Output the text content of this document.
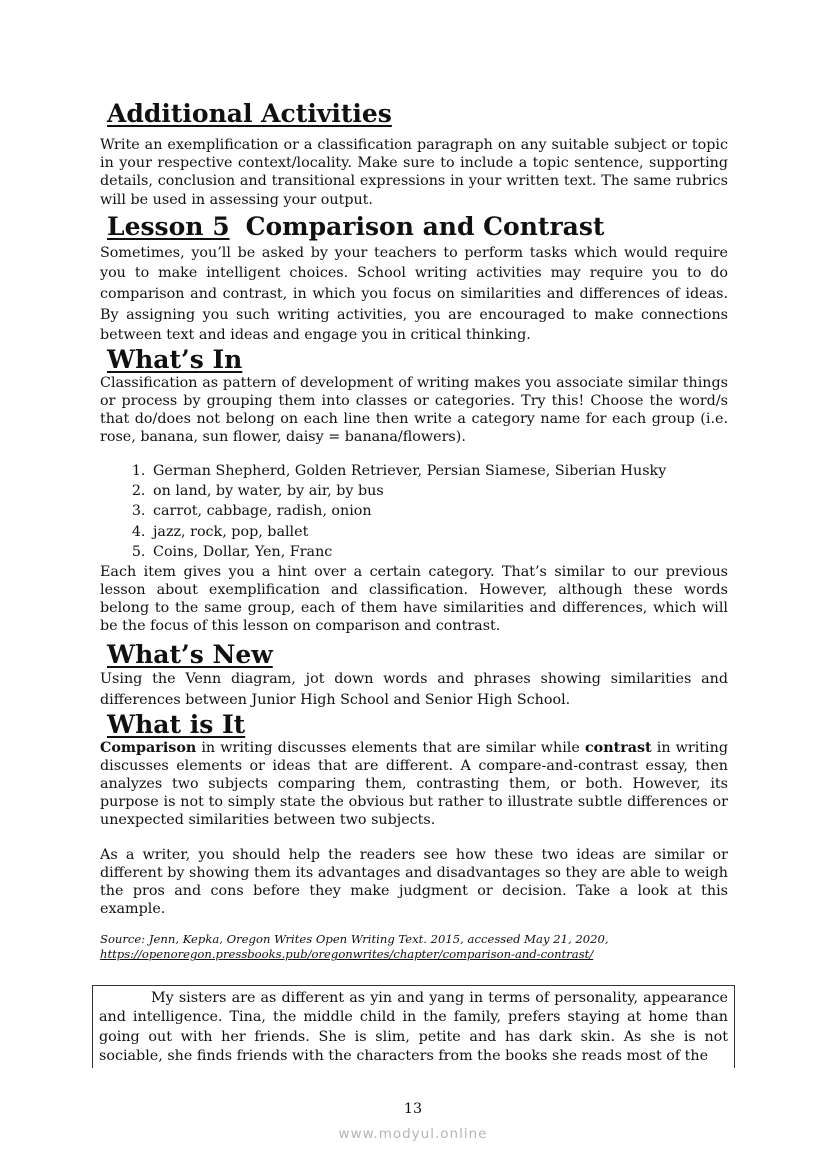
Additional Activities

Write an exemplification or a classification paragraph on any suitable subject or topic in your respective context/locality. Make sure to include a topic sentence, supporting details, conclusion and transitional expressions in your written text. The same rubrics will be used in assessing your output.

Lesson 5 Comparison and Contrast

Sometimes, you’ll be asked by your teachers to perform tasks which would require you to make intelligent choices. School writing activities may require you to do comparison and contrast, in which you focus on similarities and differences of ideas. By assigning you such writing activities, you are encouraged to make connections between text and ideas and engage you in critical thinking.

What’s In

Classification as pattern of development of writing makes you associate similar things or process by grouping them into classes or categories. Try this! Choose the word/s that do/does not belong on each line then write a category name for each group (i.e. rose, banana, sun flower, daisy = banana/flowers).

1. German Shepherd, Golden Retriever, Persian Siamese, Siberian Husky
2. on land, by water, by air, by bus
3. carrot, cabbage, radish, onion
4. jazz, rock, pop, ballet
5. Coins, Dollar, Yen, Franc

Each item gives you a hint over a certain category. That’s similar to our previous lesson about exemplification and classification. However, although these words belong to the same group, each of them have similarities and differences, which will be the focus of this lesson on comparison and contrast.

What’s New

Using the Venn diagram, jot down words and phrases showing similarities and differences between Junior High School and Senior High School.

What is It

Comparison in writing discusses elements that are similar while contrast in writing discusses elements or ideas that are different. A compare-and-contrast essay, then analyzes two subjects comparing them, contrasting them, or both. However, its purpose is not to simply state the obvious but rather to illustrate subtle differences or unexpected similarities between two subjects.

As a writer, you should help the readers see how these two ideas are similar or different by showing them its advantages and disadvantages so they are able to weigh the pros and cons before they make judgment or decision. Take a look at this example.

Source: Jenn, Kepka, Oregon Writes Open Writing Text. 2015, accessed May 21, 2020,
https://openoregon.pressbooks.pub/oregonwrites/chapter/comparison-and-contrast/

My sisters are as different as yin and yang in terms of personality, appearance and intelligence. Tina, the middle child in the family, prefers staying at home than going out with her friends. She is slim, petite and has dark skin. As she is not sociable, she finds friends with the characters from the books she reads most of the

13
www.modyul.online
